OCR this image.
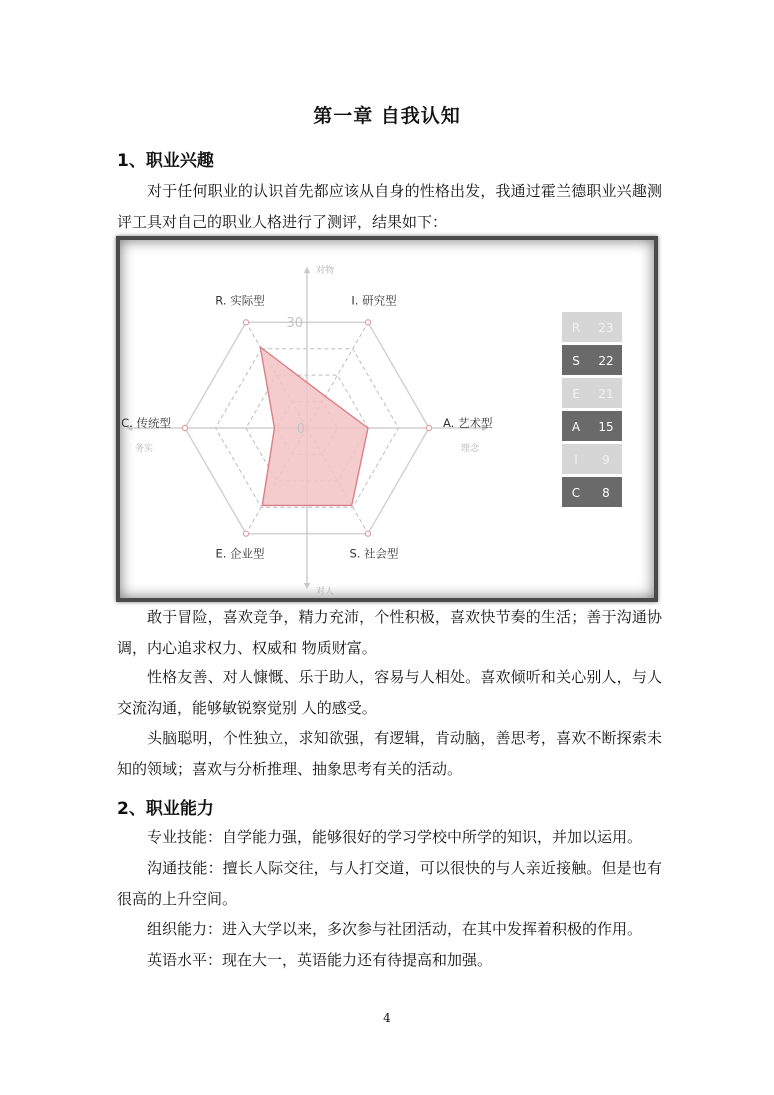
第一章 自我认知
1、职业兴趣

对于任何职业的认识首先都应该从自身的性格出发，我通过霍兰德职业兴趣测评工具对自己的职业人格进行了测评，结果如下：

R. 实际型	I. 研究型
A. 艺术型
S. 社会型
E. 企业型
C. 传统型	0
30
对物
对人
务实	理念
R 23
S 22
E 21
A 15
I 9
C 8

敢于冒险，喜欢竞争，精力充沛，个性积极，喜欢快节奏的生活；善于沟通协调，内心追求权力、权威和 物质财富。

性格友善、对人慷慨、乐于助人，容易与人相处。喜欢倾听和关心别人，与人交流沟通，能够敏锐察觉别 人的感受。

头脑聪明，个性独立，求知欲强，有逻辑，肯动脑，善思考，喜欢不断探索未知的领域；喜欢与分析推理、抽象思考有关的活动。

2、职业能力

专业技能：自学能力强，能够很好的学习学校中所学的知识，并加以运用。

沟通技能：擅长人际交往，与人打交道，可以很快的与人亲近接触。但是也有很高的上升空间。

组织能力：进入大学以来，多次参与社团活动，在其中发挥着积极的作用。

英语水平：现在大一，英语能力还有待提高和加强。

4
